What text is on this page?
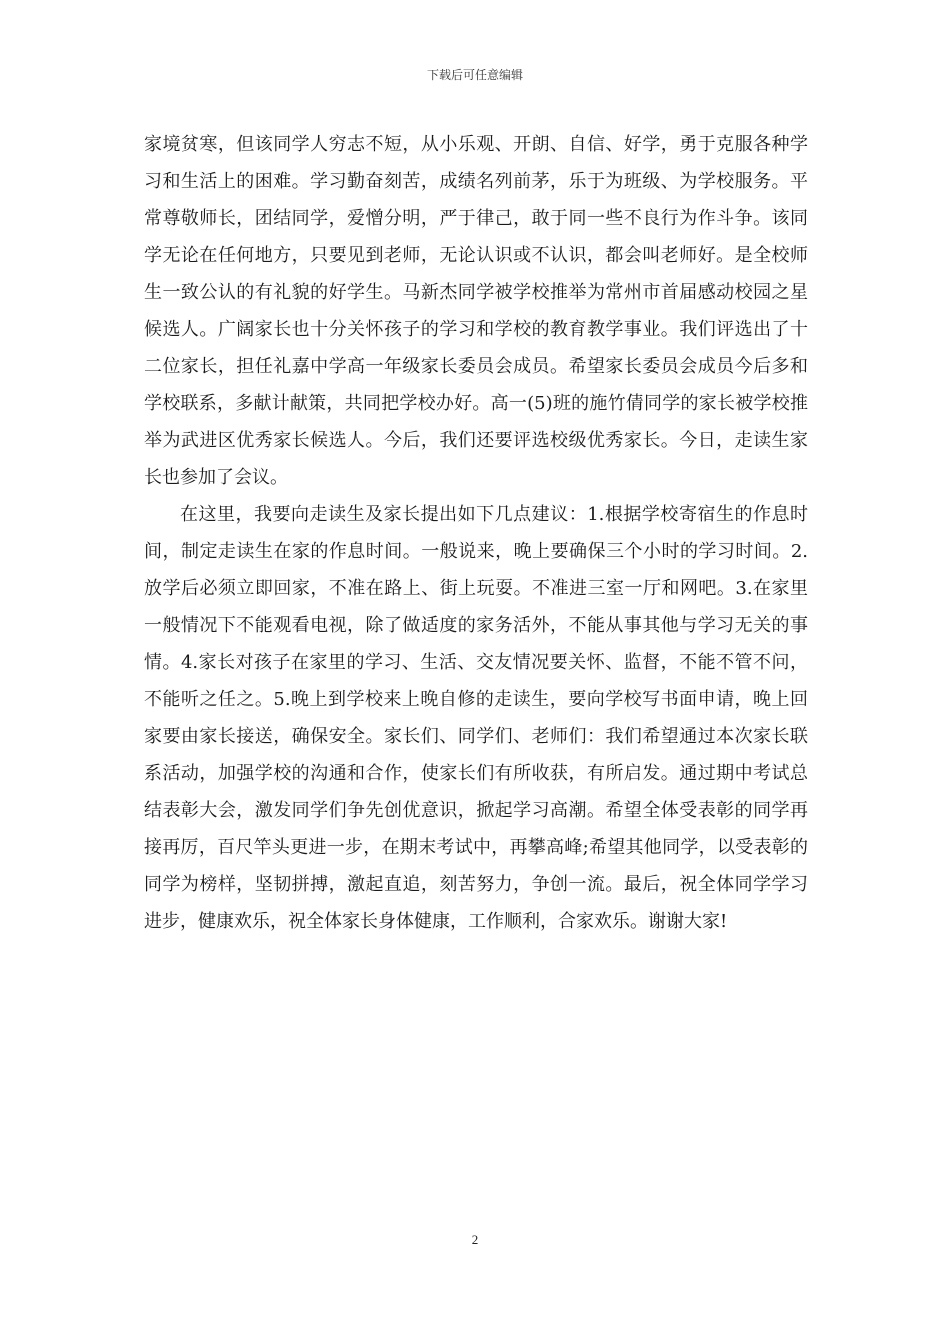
下载后可任意编辑

家境贫寒，但该同学人穷志不短，从小乐观、开朗、自信、好学，勇于克服各种学习和生活上的困难。学习勤奋刻苦，成绩名列前茅，乐于为班级、为学校服务。平常尊敬师长，团结同学，爱憎分明，严于律己，敢于同一些不良行为作斗争。该同学无论在任何地方，只要见到老师，无论认识或不认识，都会叫老师好。是全校师生一致公认的有礼貌的好学生。马新杰同学被学校推举为常州市首届感动校园之星候选人。广阔家长也十分关怀孩子的学习和学校的教育教学事业。我们评选出了十二位家长，担任礼嘉中学高一年级家长委员会成员。希望家长委员会成员今后多和学校联系，多献计献策，共同把学校办好。高一(5)班的施竹倩同学的家长被学校推举为武进区优秀家长候选人。今后，我们还要评选校级优秀家长。今日，走读生家长也参加了会议。

在这里，我要向走读生及家长提出如下几点建议：1.根据学校寄宿生的作息时间，制定走读生在家的作息时间。一般说来，晚上要确保三个小时的学习时间。2.放学后必须立即回家，不准在路上、街上玩耍。不准进三室一厅和网吧。3.在家里一般情况下不能观看电视，除了做适度的家务活外，不能从事其他与学习无关的事情。4.家长对孩子在家里的学习、生活、交友情况要关怀、监督，不能不管不问，不能听之任之。5.晚上到学校来上晚自修的走读生，要向学校写书面申请，晚上回家要由家长接送，确保安全。家长们、同学们、老师们：我们希望通过本次家长联系活动，加强学校的沟通和合作，使家长们有所收获，有所启发。通过期中考试总结表彰大会，激发同学们争先创优意识，掀起学习高潮。希望全体受表彰的同学再接再厉，百尺竿头更进一步，在期末考试中，再攀高峰;希望其他同学，以受表彰的同学为榜样，坚韧拼搏，激起直追，刻苦努力，争创一流。最后，祝全体同学学习进步，健康欢乐，祝全体家长身体健康，工作顺利，合家欢乐。谢谢大家!

2
